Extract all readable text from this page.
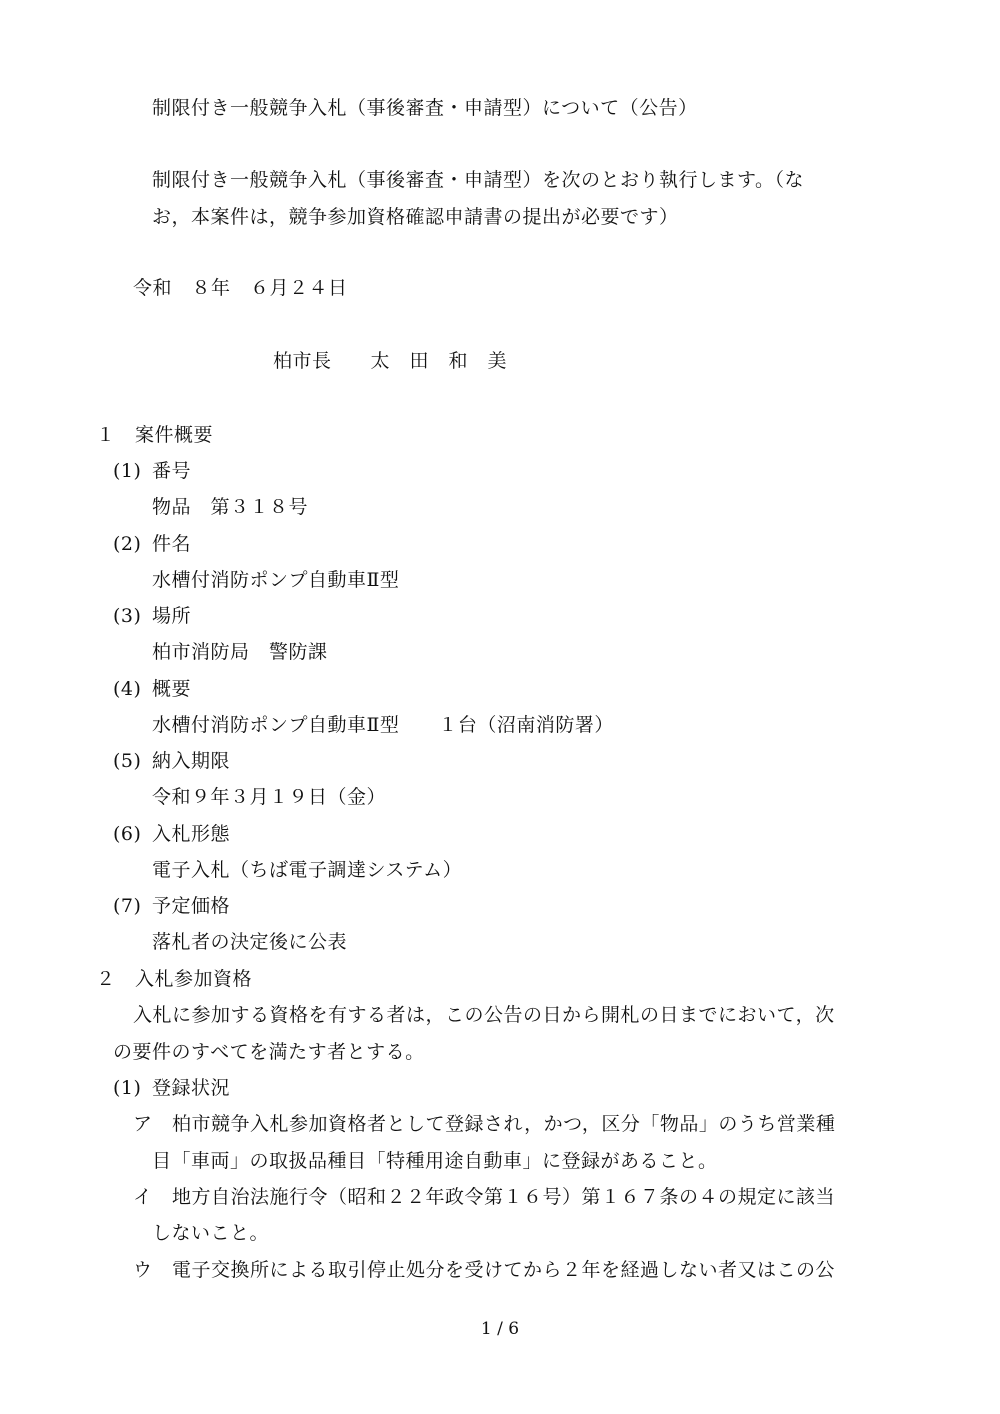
制限付き一般競争入札（事後審査・申請型）について（公告）
制限付き一般競争入札（事後審査・申請型）を次のとおり執行します。（な
お，本案件は，競争参加資格確認申請書の提出が必要です）
令和　８年　６月２４日
柏市長　　太　田　和　美
１　案件概要
(1) 番号
物品　第３１８号
(2) 件名
水槽付消防ポンプ自動車Ⅱ型
(3) 場所
柏市消防局　警防課
(4) 概要
水槽付消防ポンプ自動車Ⅱ型　　１台（沼南消防署）
(5) 納入期限
令和９年３月１９日（金）
(6) 入札形態
電子入札（ちば電子調達システム）
(7) 予定価格
落札者の決定後に公表
２　入札参加資格
入札に参加する資格を有する者は，この公告の日から開札の日までにおいて，次
の要件のすべてを満たす者とする。
(1) 登録状況
ア 柏市競争入札参加資格者として登録され，かつ，区分「物品」のうち営業種
目「車両」の取扱品種目「特種用途自動車」に登録があること。
イ 地方自治法施行令（昭和２２年政令第１６号）第１６７条の４の規定に該当
しないこと。
ウ 電子交換所による取引停止処分を受けてから２年を経過しない者又はこの公
1 / 6
